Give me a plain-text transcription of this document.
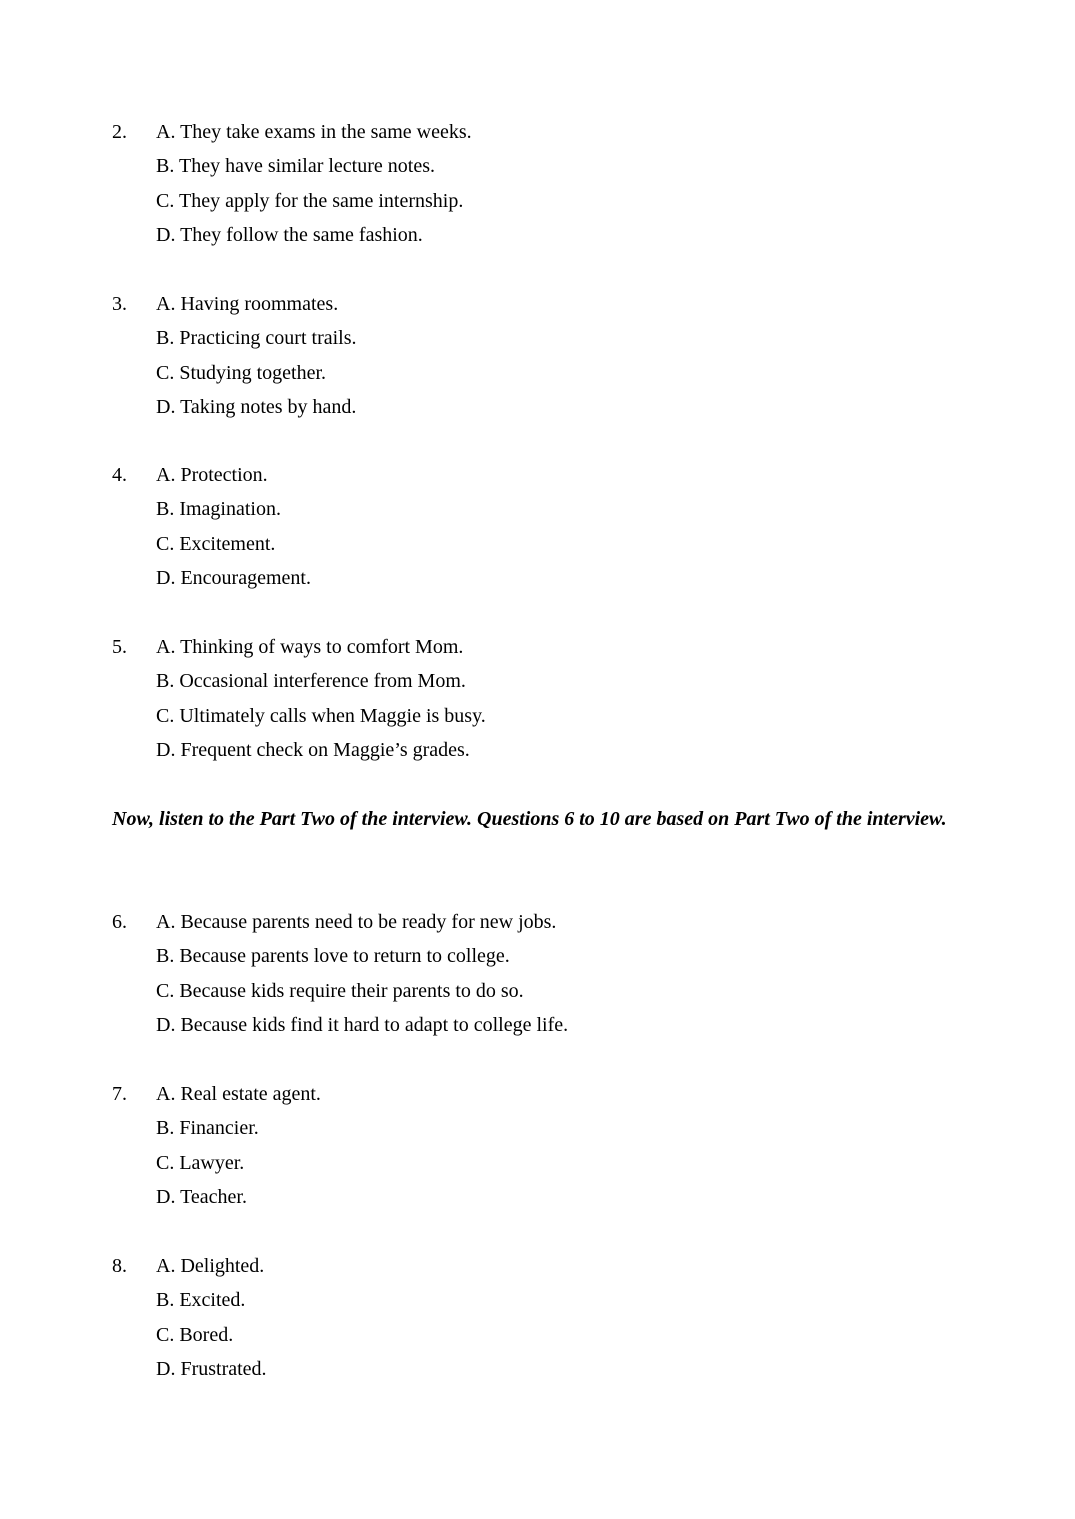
2. A. They take exams in the same weeks.
B. They have similar lecture notes.
C. They apply for the same internship.
D. They follow the same fashion.
3. A. Having roommates.
B. Practicing court trails.
C. Studying together.
D. Taking notes by hand.
4. A. Protection.
B. Imagination.
C. Excitement.
D. Encouragement.
5. A. Thinking of ways to comfort Mom.
B. Occasional interference from Mom.
C. Ultimately calls when Maggie is busy.
D. Frequent check on Maggie’s grades.
Now, listen to the Part Two of the interview. Questions 6 to 10 are based on Part Two of the interview.
6. A. Because parents need to be ready for new jobs.
B. Because parents love to return to college.
C. Because kids require their parents to do so.
D. Because kids find it hard to adapt to college life.
7. A. Real estate agent.
B. Financier.
C. Lawyer.
D. Teacher.
8. A. Delighted.
B. Excited.
C. Bored.
D. Frustrated.
